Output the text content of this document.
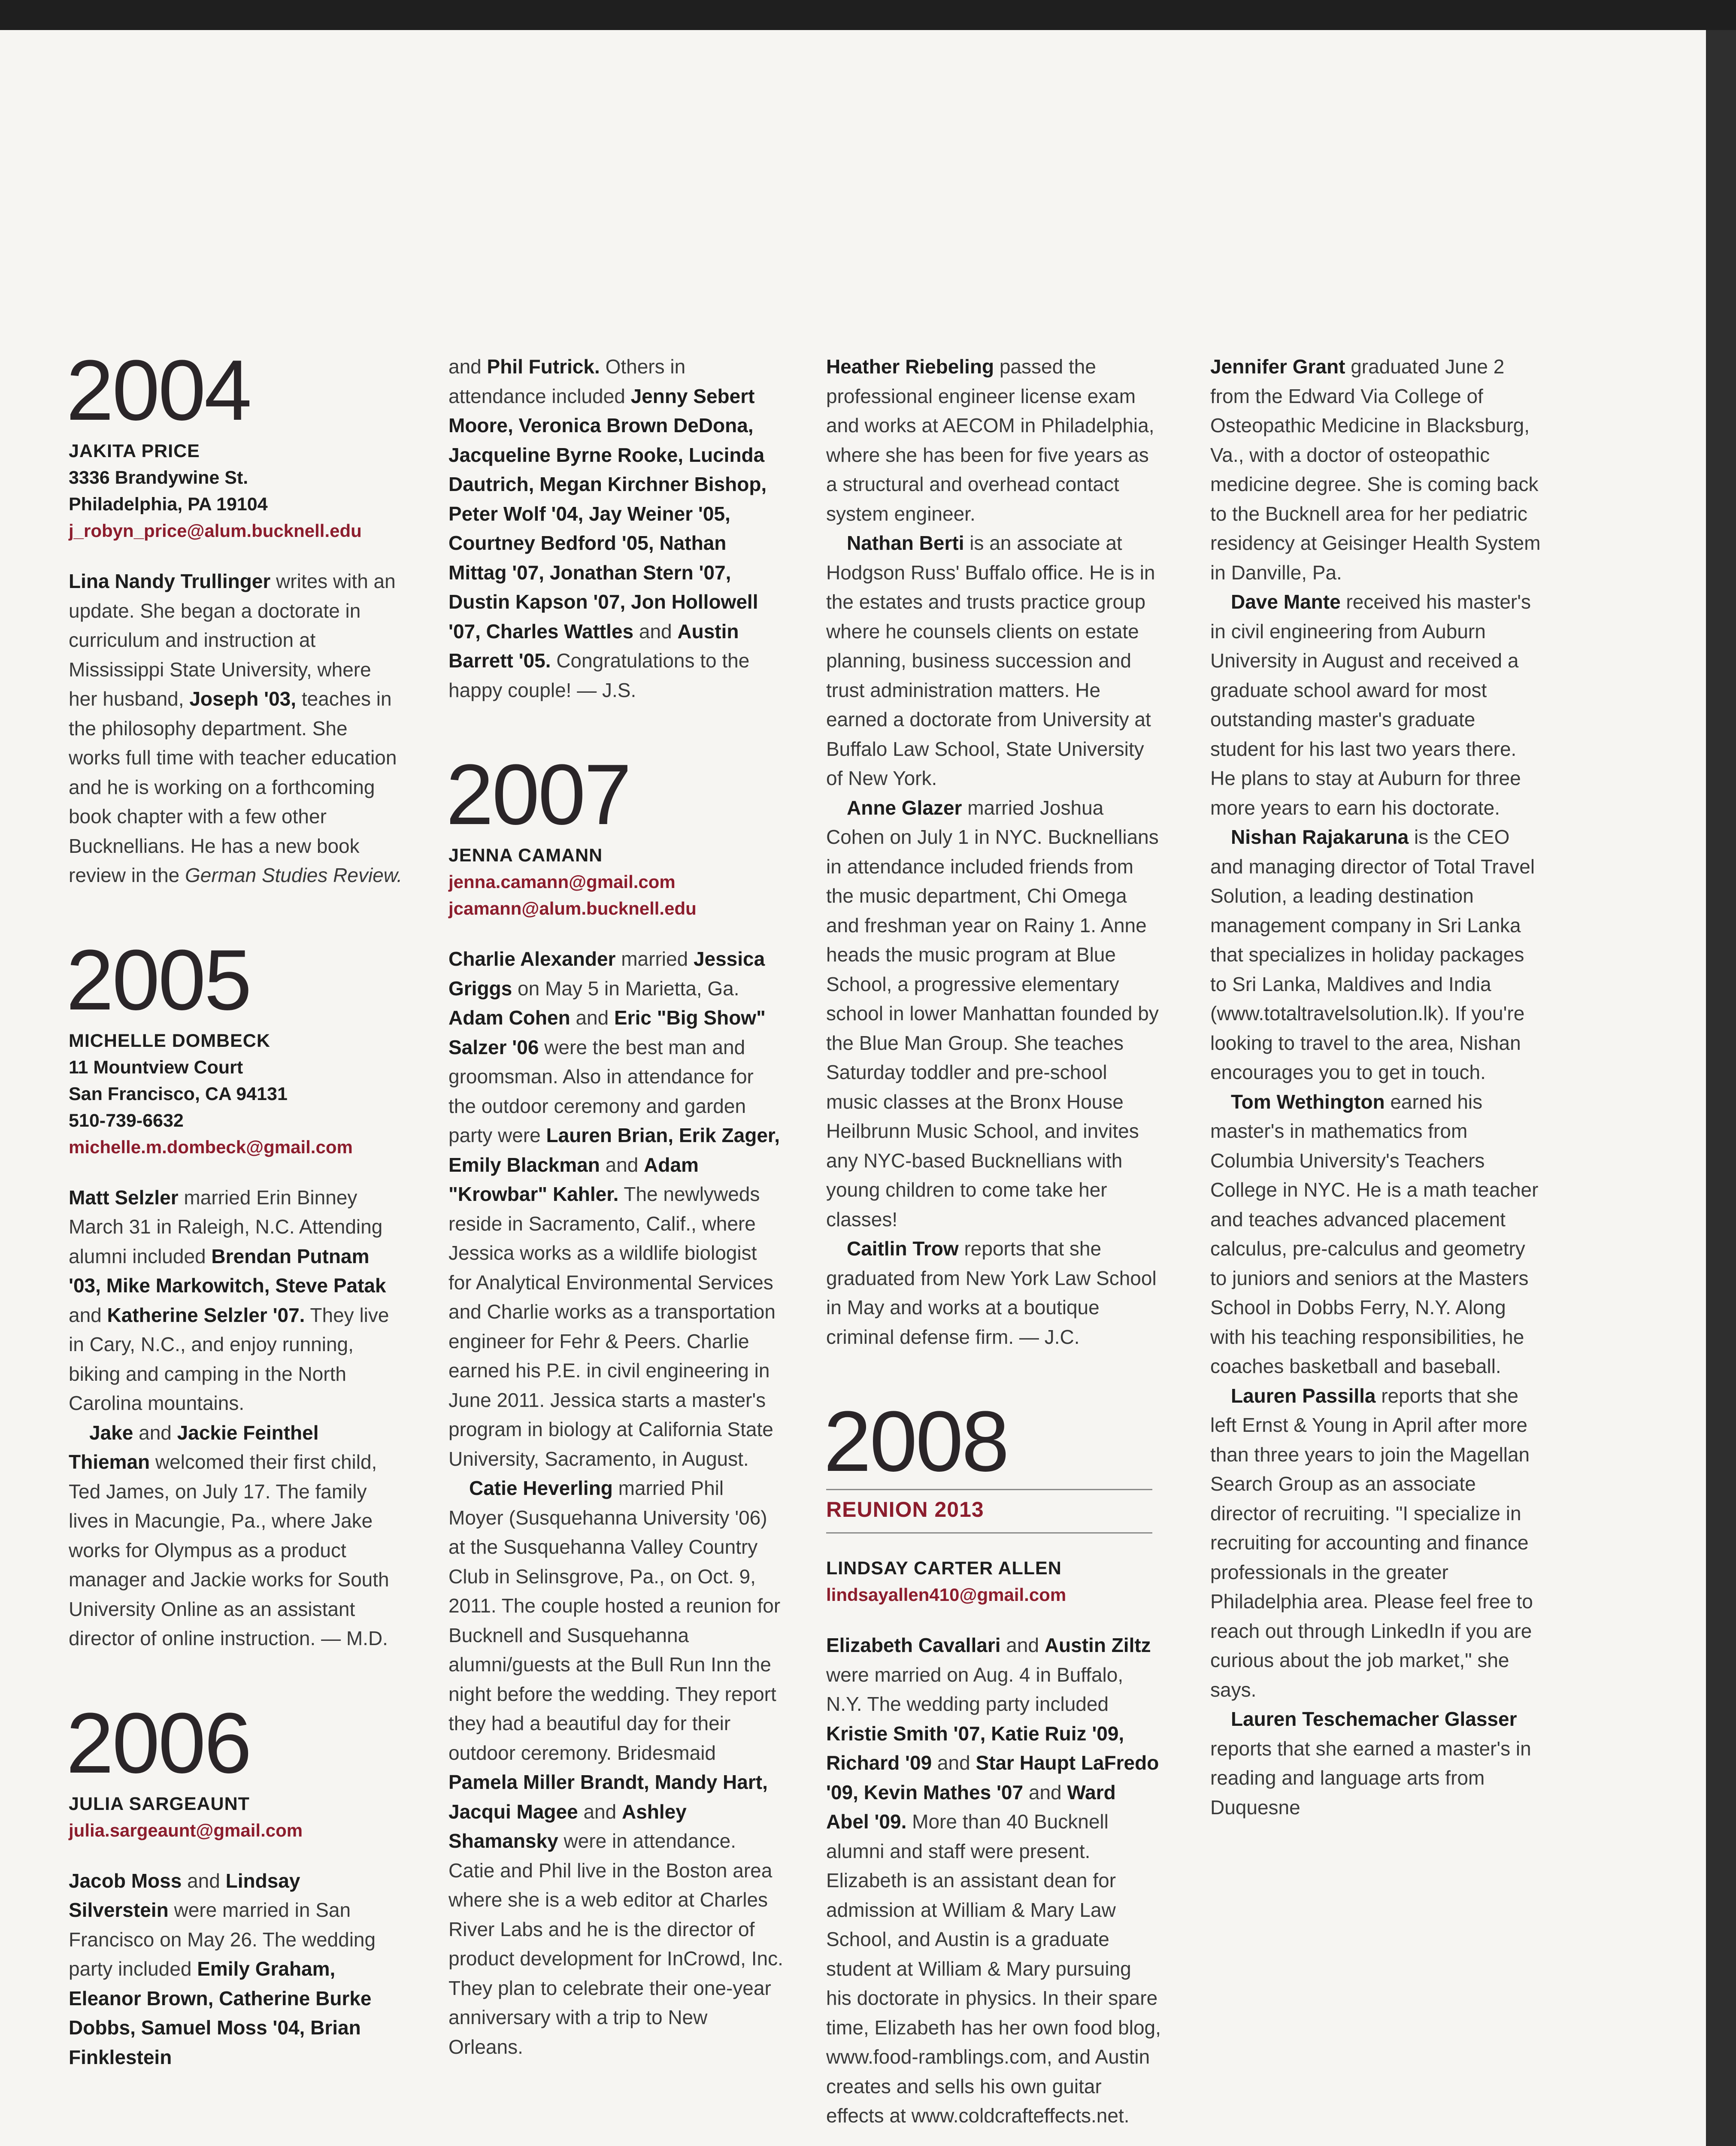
2004
JAKITA PRICE
3336 Brandywine St.
Philadelphia, PA 19104
j_robyn_price@alum.bucknell.edu

Lina Nandy Trullinger writes with an update. She began a doctorate in curriculum and instruction at Mississippi State University, where her husband, Joseph '03, teaches in the philosophy department. She works full time with teacher education and he is working on a forthcoming book chapter with a few other Bucknellians. He has a new book review in the German Studies Review.

2005
MICHELLE DOMBECK
11 Mountview Court
San Francisco, CA 94131
510-739-6632
michelle.m.dombeck@gmail.com

Matt Selzler married Erin Binney March 31 in Raleigh, N.C. Attending alumni included Brendan Putnam '03, Mike Markowitch, Steve Patak and Katherine Selzler '07. They live in Cary, N.C., and enjoy running, biking and camping in the North Carolina mountains.

Jake and Jackie Feinthel Thieman welcomed their first child, Ted James, on July 17. The family lives in Macungie, Pa., where Jake works for Olympus as a product manager and Jackie works for South University Online as an assistant director of online instruction. — M.D.

2006
JULIA SARGEAUNT
julia.sargeaunt@gmail.com

Jacob Moss and Lindsay Silverstein were married in San Francisco on May 26. The wedding party included Emily Graham, Eleanor Brown, Catherine Burke Dobbs, Samuel Moss '04, Brian Finklestein

and Phil Futrick. Others in attendance included Jenny Sebert Moore, Veronica Brown DeDona, Jacqueline Byrne Rooke, Lucinda Dautrich, Megan Kirchner Bishop, Peter Wolf '04, Jay Weiner '05, Courtney Bedford '05, Nathan Mittag '07, Jonathan Stern '07, Dustin Kapson '07, Jon Hollowell '07, Charles Wattles and Austin Barrett '05. Congratulations to the happy couple! — J.S.

2007
JENNA CAMANN
jenna.camann@gmail.com
jcamann@alum.bucknell.edu

Charlie Alexander married Jessica Griggs on May 5 in Marietta, Ga. Adam Cohen and Eric "Big Show" Salzer '06 were the best man and groomsman. Also in attendance for the outdoor ceremony and garden party were Lauren Brian, Erik Zager, Emily Blackman and Adam "Krowbar" Kahler. The newlyweds reside in Sacramento, Calif., where Jessica works as a wildlife biologist for Analytical Environmental Services and Charlie works as a transportation engineer for Fehr & Peers. Charlie earned his P.E. in civil engineering in June 2011. Jessica starts a master's program in biology at California State University, Sacramento, in August.

Catie Heverling married Phil Moyer (Susquehanna University '06) at the Susquehanna Valley Country Club in Selinsgrove, Pa., on Oct. 9, 2011. The couple hosted a reunion for Bucknell and Susquehanna alumni/guests at the Bull Run Inn the night before the wedding. They report they had a beautiful day for their outdoor ceremony. Bridesmaid Pamela Miller Brandt, Mandy Hart, Jacqui Magee and Ashley Shamansky were in attendance. Catie and Phil live in the Boston area where she is a web editor at Charles River Labs and he is the director of product development for InCrowd, Inc. They plan to celebrate their one-year anniversary with a trip to New Orleans.

Heather Riebeling passed the professional engineer license exam and works at AECOM in Philadelphia, where she has been for five years as a structural and overhead contact system engineer.

Nathan Berti is an associate at Hodgson Russ' Buffalo office. He is in the estates and trusts practice group where he counsels clients on estate planning, business succession and trust administration matters. He earned a doctorate from University at Buffalo Law School, State University of New York.

Anne Glazer married Joshua Cohen on July 1 in NYC. Bucknellians in attendance included friends from the music department, Chi Omega and freshman year on Rainy 1. Anne heads the music program at Blue School, a progressive elementary school in lower Manhattan founded by the Blue Man Group. She teaches Saturday toddler and pre-school music classes at the Bronx House Heilbrunn Music School, and invites any NYC-based Bucknellians with young children to come take her classes!

Caitlin Trow reports that she graduated from New York Law School in May and works at a boutique criminal defense firm. — J.C.

2008
REUNION 2013
LINDSAY CARTER ALLEN
lindsayallen410@gmail.com

Elizabeth Cavallari and Austin Ziltz were married on Aug. 4 in Buffalo, N.Y. The wedding party included Kristie Smith '07, Katie Ruiz '09, Richard '09 and Star Haupt LaFredo '09, Kevin Mathes '07 and Ward Abel '09. More than 40 Bucknell alumni and staff were present. Elizabeth is an assistant dean for admission at William & Mary Law School, and Austin is a graduate student at William & Mary pursuing his doctorate in physics. In their spare time, Elizabeth has her own food blog, www.food-ramblings.com, and Austin creates and sells his own guitar effects at www.coldcrafteffects.net.

Jennifer Grant graduated June 2 from the Edward Via College of Osteopathic Medicine in Blacksburg, Va., with a doctor of osteopathic medicine degree. She is coming back to the Bucknell area for her pediatric residency at Geisinger Health System in Danville, Pa.

Dave Mante received his master's in civil engineering from Auburn University in August and received a graduate school award for most outstanding master's graduate student for his last two years there. He plans to stay at Auburn for three more years to earn his doctorate.

Nishan Rajakaruna is the CEO and managing director of Total Travel Solution, a leading destination management company in Sri Lanka that specializes in holiday packages to Sri Lanka, Maldives and India (www.totaltravelsolution.lk). If you're looking to travel to the area, Nishan encourages you to get in touch.

Tom Wethington earned his master's in mathematics from Columbia University's Teachers College in NYC. He is a math teacher and teaches advanced placement calculus, pre-calculus and geometry to juniors and seniors at the Masters School in Dobbs Ferry, N.Y. Along with his teaching responsibilities, he coaches basketball and baseball.

Lauren Passilla reports that she left Ernst & Young in April after more than three years to join the Magellan Search Group as an associate director of recruiting. "I specialize in recruiting for accounting and finance professionals in the greater Philadelphia area. Please feel free to reach out through LinkedIn if you are curious about the job market," she says.

Lauren Teschemacher Glasser reports that she earned a master's in reading and language arts from Duquesne
